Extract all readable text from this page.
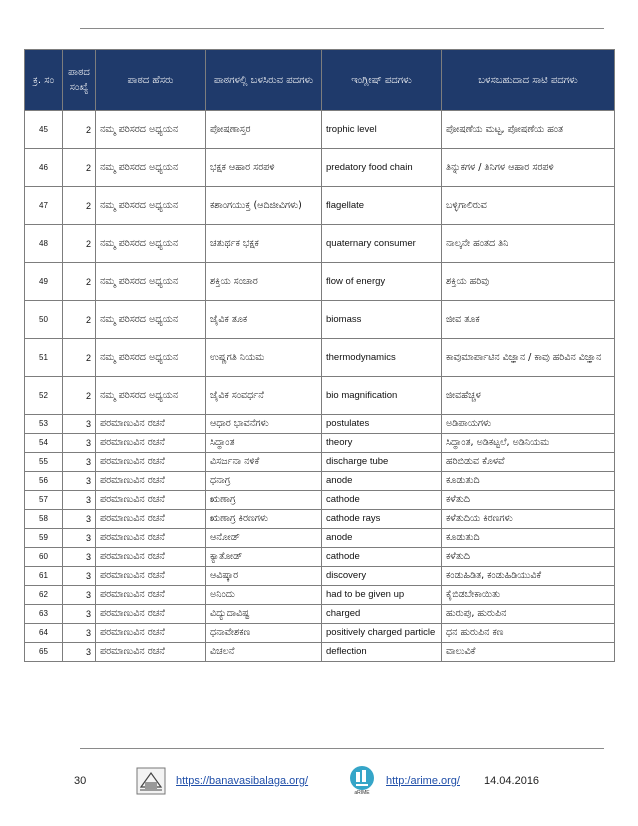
ಕ್ರ. ಸಂ	ಪಾಠದ ಸಂಖ್ಯೆ	ಪಾಠದ ಹೆಸರು	ಪಾಠಗಳಲ್ಲಿ ಬಳಸಿರುವ ಪದಗಳು	ಇಂಗ್ಲೀಷ್ ಪದಗಳು	ಬಳಸಬಹುದಾದ ಸಾಟಿ ಪದಗಳು
45	2	ನಮ್ಮ ಪರಿಸರದ ಅಧ್ಯಯನ	ಪೋಷಣಾಸ್ತರ	trophic level	ಪೋಷಣೆಯ ಮಟ್ಟ, ಪೋಷಣೆಯ ಹಂತ
46	2	ನಮ್ಮ ಪರಿಸರದ ಅಧ್ಯಯನ	ಭಕ್ಷಕ ಆಹಾರ ಸರಪಳಿ	predatory food chain	ತಿನ್ನುಕಗಳ / ತಿನಿಗಳ ಆಹಾರ ಸರಪಳಿ
47	2	ನಮ್ಮ ಪರಿಸರದ ಅಧ್ಯಯನ	ಕಶಾಂಗಯುಕ್ತ (ಆದಿಜೀವಿಗಳು)	flagellate	ಬಳ್ಳಿಗಾಲಿರುವ
48	2	ನಮ್ಮ ಪರಿಸರದ ಅಧ್ಯಯನ	ಚತುರ್ಥಕ ಭಕ್ಷಕ	quaternary consumer	ನಾಲ್ಕನೇ ಹಂತದ ತಿನಿ
49	2	ನಮ್ಮ ಪರಿಸರದ ಅಧ್ಯಯನ	ಶಕ್ತಿಯ ಸಂಚಾರ	flow of energy	ಶಕ್ತಿಯ ಹರಿವು
50	2	ನಮ್ಮ ಪರಿಸರದ ಅಧ್ಯಯನ	ಜೈವಿಕ ತೂಕ	biomass	ಜೀವ ತೂಕ
51	2	ನಮ್ಮ ಪರಿಸರದ ಅಧ್ಯಯನ	ಉಷ್ಣಗತಿ ನಿಯಮ	thermodynamics	ಕಾವುಮಾರ್ಪಾಟಿನ ವಿಜ್ಞಾನ / ಕಾವು ಹರಿವಿನ ವಿಜ್ಞಾನ
52	2	ನಮ್ಮ ಪರಿಸರದ ಅಧ್ಯಯನ	ಜೈವಿಕ ಸಂವರ್ಧನೆ	bio magnification	ಜೀವಹೆಚ್ಚಳ
53	3	ಪರಮಾಣುವಿನ ರಚನೆ	ಆಧಾರ ಭಾವನೆಗಳು	postulates	ಅಡಿಪಾಯಗಳು
54	3	ಪರಮಾಣುವಿನ ರಚನೆ	ಸಿದ್ಧಾಂತ	theory	ಸಿದ್ಧಾಂತ, ಅಡಿಕಟ್ಟಲೆ, ಅಡಿನಿಯಮ
55	3	ಪರಮಾಣುವಿನ ರಚನೆ	ವಿಸರ್ಜನಾ ನಳಿಕೆ	discharge tube	ಹರಿಬಿಡುವ ಕೊಳವೆ
56	3	ಪರಮಾಣುವಿನ ರಚನೆ	ಧನಾಗ್ರ	anode	ಕೂಡುತುದಿ
57	3	ಪರಮಾಣುವಿನ ರಚನೆ	ಋಣಾಗ್ರ	cathode	ಕಳೆತುದಿ
58	3	ಪರಮಾಣುವಿನ ರಚನೆ	ಋಣಾಗ್ರ ಕಿರಣಗಳು	cathode rays	ಕಳೆತುದಿಯ ಕಿರಣಗಳು
59	3	ಪರಮಾಣುವಿನ ರಚನೆ	ಆನೋಡ್	anode	ಕೂಡುತುದಿ
60	3	ಪರಮಾಣುವಿನ ರಚನೆ	ಕ್ಯಾತೋಡ್	cathode	ಕಳೆತುದಿ
61	3	ಪರಮಾಣುವಿನ ರಚನೆ	ಆವಿಷ್ಕಾರ	discovery	ಕಂಡುಹಿಡಿತ, ಕಂಡುಹಿಡಿಯುವಿಕೆ
62	3	ಪರಮಾಣುವಿನ ರಚನೆ	ಅನಿಂದು	had to be given up	ಕೈಬಿಡಬೇಕಾಯಿತು
63	3	ಪರಮಾಣುವಿನ ರಚನೆ	ವಿದ್ಯುದಾವಿಷ್ಟ	charged	ಹುರುಪು, ಹುರುಪಿನ
64	3	ಪರಮಾಣುವಿನ ರಚನೆ	ಧನಾವೇಶಕಣ	positively charged particle	ಧನ ಹುರುಪಿನ ಕಣ
65	3	ಪರಮಾಣುವಿನ ರಚನೆ	ವಿಚಲನೆ	deflection	ವಾಲುವಿಕೆ
30	https://banavasibalaga.org/
aRIME
http:/arime.org/ 14.04.2016
